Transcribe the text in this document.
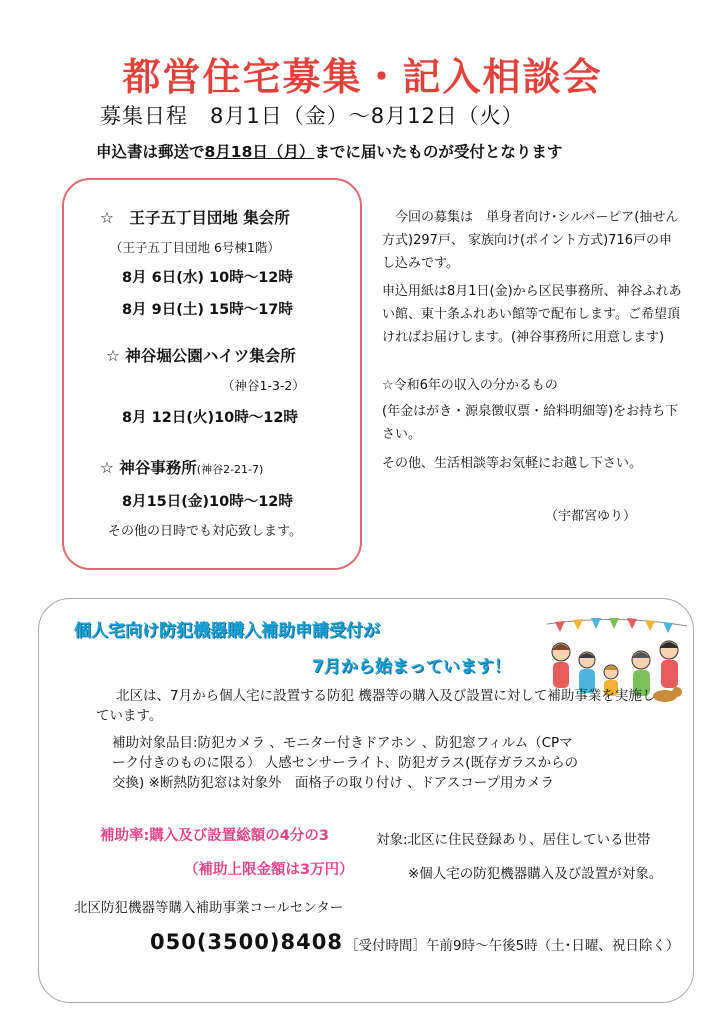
都営住宅募集・記入相談会
募集日程　8月1日（金）～8月12日（火）
申込書は郵送で8月18日（月）までに届いたものが受付となります
☆　王子五丁目団地 集会所
（王子五丁目団地 6号棟1階）
8月 6日(水) 10時～12時
8月 9日(土) 15時～17時
☆ 神谷堀公園ハイツ集会所
（神谷1-3-2）
8月 12日(火)10時～12時
☆ 神谷事務所(神谷2-21-7)
8月15日(金)10時～12時
その他の日時でも対応致します。
　今回の募集は　単身者向け･シルバーピア(抽せん方式)297戸、 家族向け(ポイント方式)716戸の申し込みです。
申込用紙は8月1日(金)から区民事務所、神谷ふれあい館、東十条ふれあい館等で配布します。ご希望頂ければお届けします。(神谷事務所に用意します)
☆令和6年の収入の分かるもの
(年金はがき・源泉徴収票・給料明細等)をお持ち下さい。
その他、生活相談等お気軽にお越し下さい。
（宇都宮ゆり）
個人宅向け防犯機器購入補助申請受付が
7月から始まっています！
北区は、7月から個人宅に設置する防犯 機器等の購入及び設置に対して補助事業を実施しています。
補助対象品目:防犯カメラ 、モニター付きドアホン 、防犯窓フィルム（CPマーク付きのものに限る） 人感センサーライト、防犯ガラス(既存ガラスからの交換) ※断熱防犯窓は対象外　面格子の取り付け 、ドアスコープ用カメラ
補助率:購入及び設置総額の4分の3
（補助上限金額は3万円）
対象:北区に住民登録あり、居住している世帯
※個人宅の防犯機器購入及び設置が対象。
北区防犯機器等購入補助事業コールセンター
050(3500)8408 ［受付時間］午前9時～午後5時（土･日曜、祝日除く）
